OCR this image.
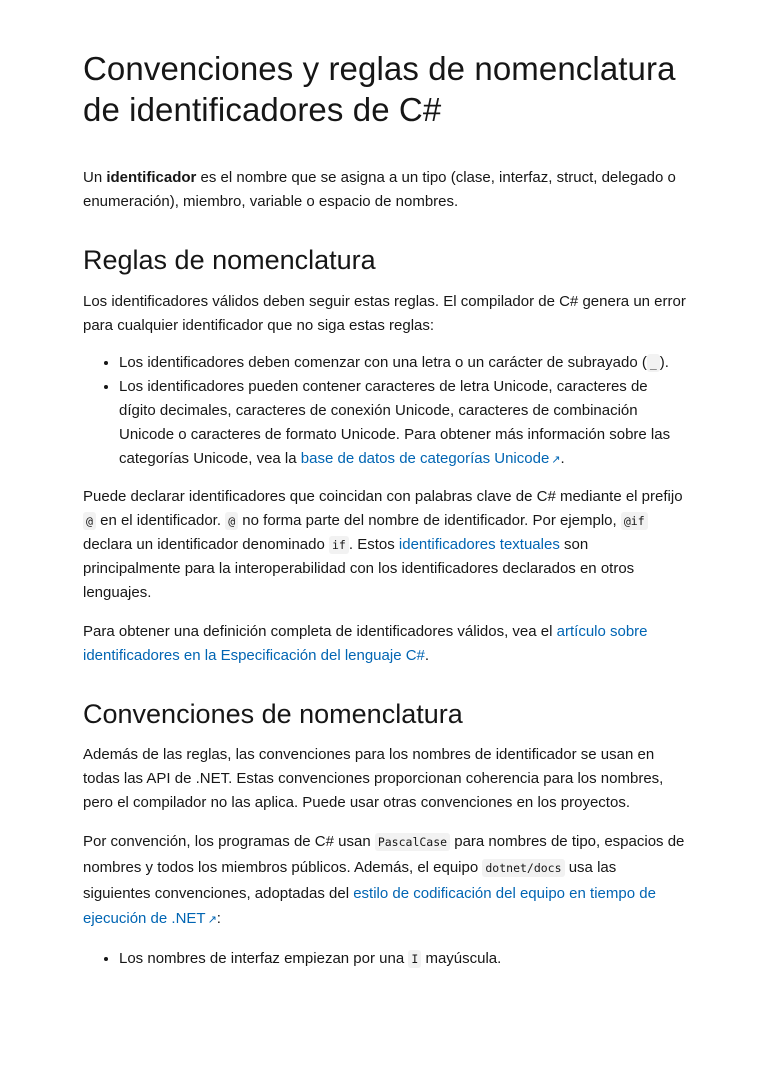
Convenciones y reglas de nomenclatura de identificadores de C#

Un identificador es el nombre que se asigna a un tipo (clase, interfaz, struct, delegado o enumeración), miembro, variable o espacio de nombres.

Reglas de nomenclatura

Los identificadores válidos deben seguir estas reglas. El compilador de C# genera un error para cualquier identificador que no siga estas reglas:

• Los identificadores deben comenzar con una letra o un carácter de subrayado ( _ ).
• Los identificadores pueden contener caracteres de letra Unicode, caracteres de dígito decimales, caracteres de conexión Unicode, caracteres de combinación Unicode o caracteres de formato Unicode. Para obtener más información sobre las categorías Unicode, vea la base de datos de categorías Unicode ↗.

Puede declarar identificadores que coincidan con palabras clave de C# mediante el prefijo @ en el identificador. @ no forma parte del nombre de identificador. Por ejemplo, @if declara un identificador denominado if . Estos identificadores textuales son principalmente para la interoperabilidad con los identificadores declarados en otros lenguajes.

Para obtener una definición completa de identificadores válidos, vea el artículo sobre identificadores en la Especificación del lenguaje C#.

Convenciones de nomenclatura

Además de las reglas, las convenciones para los nombres de identificador se usan en todas las API de .NET. Estas convenciones proporcionan coherencia para los nombres, pero el compilador no las aplica. Puede usar otras convenciones en los proyectos.

Por convención, los programas de C# usan PascalCase para nombres de tipo, espacios de nombres y todos los miembros públicos. Además, el equipo dotnet/docs usa las siguientes convenciones, adoptadas del estilo de codificación del equipo en tiempo de ejecución de .NET ↗:

• Los nombres de interfaz empiezan por una I mayúscula.
